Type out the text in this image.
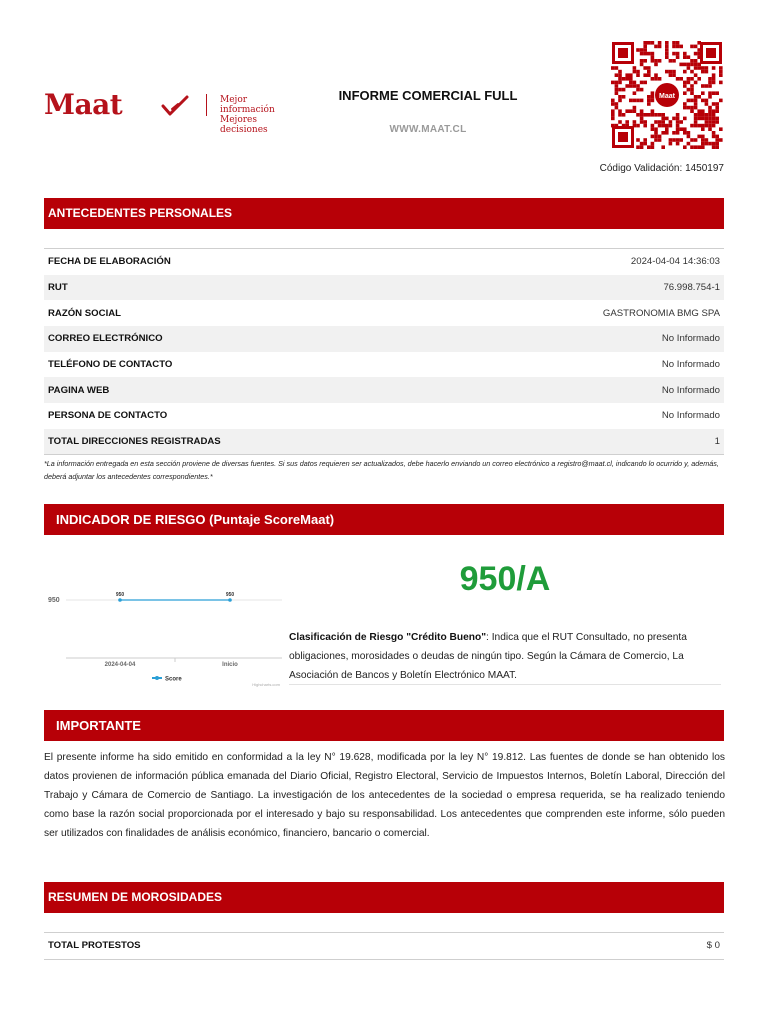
Maat	Mejor información
Mejores decisiones
INFORME COMERCIAL FULL
WWW.MAAT.CL
Maat
Código Validación: 1450197
ANTECEDENTES PERSONALES
FECHA DE ELABORACIÓN	2024-04-04 14:36:03
RUT	76.998.754-1
RAZÓN SOCIAL	GASTRONOMIA BMG SPA
CORREO ELECTRÓNICO	No Informado
TELÉFONO DE CONTACTO	No Informado
PAGINA WEB	No Informado
PERSONA DE CONTACTO	No Informado
TOTAL DIRECCIONES REGISTRADAS	1
*La información entregada en esta sección proviene de diversas fuentes. Si sus datos requieren ser actualizados, debe hacerlo enviando un correo electrónico a registro@maat.cl, indicando lo ocurrido y, además, deberá adjuntar los antecedentes correspondientes.*
INDICADOR DE RIESGO (Puntaje ScoreMaat)
950
950
2024-04-04
950
Inicio
Score
Highcharts.com
950/A
Clasificación de Riesgo "Crédito Bueno": Indica que el RUT Consultado, no presenta obligaciones, morosidades o deudas de ningún tipo. Según la Cámara de Comercio, La Asociación de Bancos y Boletín Electrónico MAAT.
IMPORTANTE
El presente informe ha sido emitido en conformidad a la ley N° 19.628, modificada por la ley N° 19.812. Las fuentes de donde se han obtenido los datos provienen de información pública emanada del Diario Oficial, Registro Electoral, Servicio de Impuestos Internos, Boletín Laboral, Dirección del Trabajo y Cámara de Comercio de Santiago. La investigación de los antecedentes de la sociedad o empresa requerida, se ha realizado teniendo como base la razón social proporcionada por el interesado y bajo su responsabilidad. Los antecedentes que comprenden este informe, sólo pueden ser utilizados con finalidades de análisis económico, financiero, bancario o comercial.
RESUMEN DE MOROSIDADES
TOTAL PROTESTOS	$ 0
